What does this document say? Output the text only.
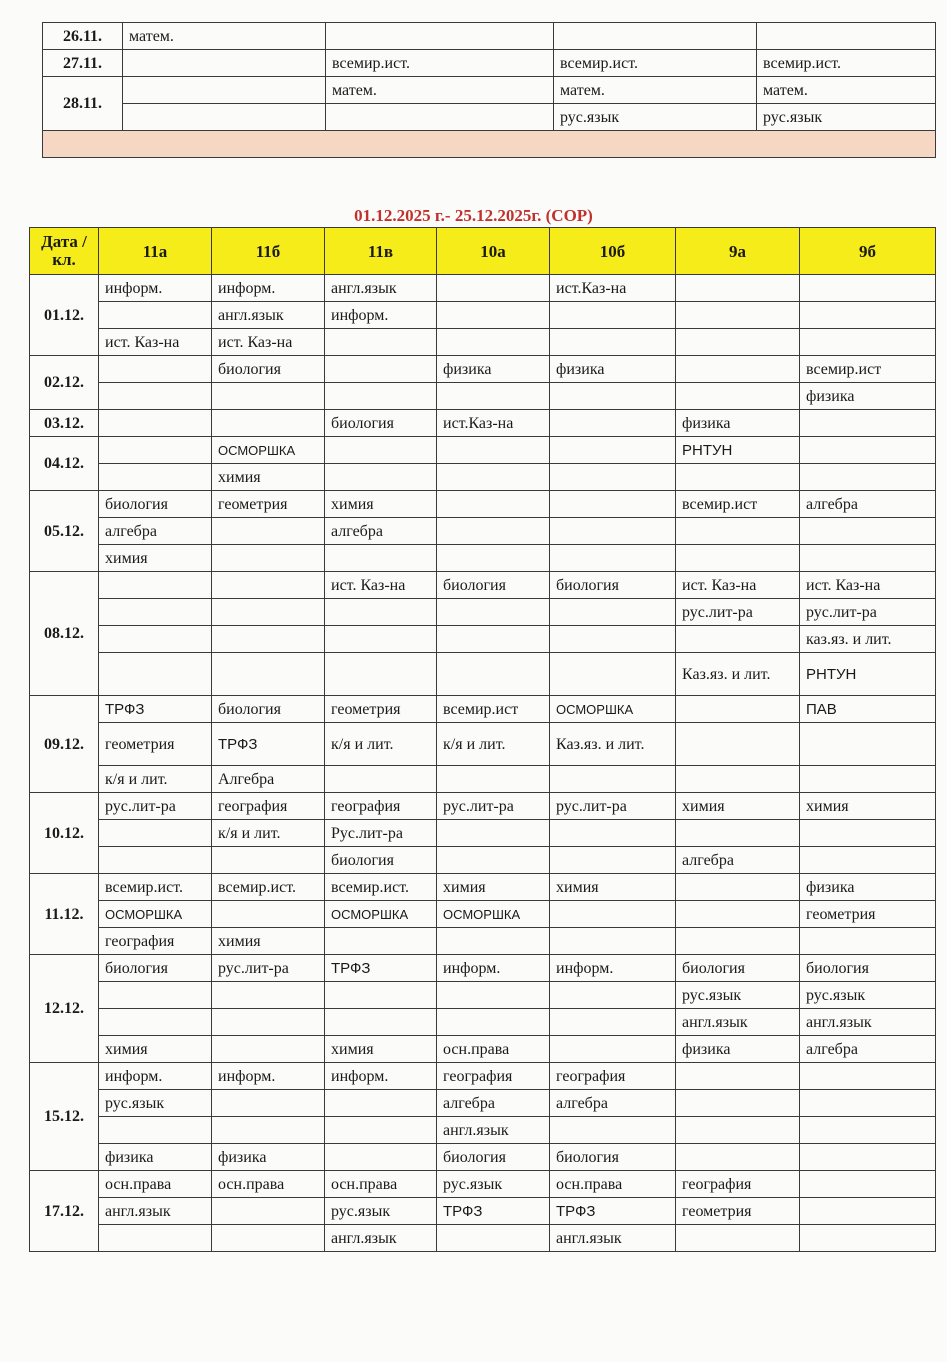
26.11.	матем.			
27.11.		всемир.ист.	всемир.ист.	всемир.ист.
28.11.		матем.	матем.	матем.
			рус.язык	рус.язык

01.12.2025 г.- 25.12.2025г. (СОР)
Дата /кл.	11а	11б	11в	10а	10б	9а	9б
01.12.	информ.	информ.	англ.язык		ист.Каз-на		
		англ.язык	информ.				
	ист. Каз-на	ист. Каз-на					
02.12.		биология		физика	физика		всемир.ист
							физика
03.12.			биология	ист.Каз-на		физика	
04.12.		ОСМОРШКА				РНТУН	
		химия					
05.12.	биология	геометрия	химия			всемир.ист	алгебра
	алгебра		алгебра				
	химия						
08.12.			ист. Каз-на	биология	биология	ист. Каз-на	ист. Каз-на
						рус.лит-ра	рус.лит-ра
							каз.яз. и лит.
						Каз.яз. и лит.	РНТУН
09.12.	ТРФЗ	биология	геометрия	всемир.ист	ОСМОРШКА		ПАВ
	геометрия	ТРФЗ	к/я и лит.	к/я и лит.	Каз.яз. и лит.		
	к/я и лит.	Алгебра					
10.12.	рус.лит-ра	география	география	рус.лит-ра	рус.лит-ра	химия	химия
		к/я и лит.	Рус.лит-ра				
			биология			алгебра	
11.12.	всемир.ист.	всемир.ист.	всемир.ист.	химия	химия		физика
	ОСМОРШКА		ОСМОРШКА	ОСМОРШКА			геометрия
	география	химия					
12.12.	биология	рус.лит-ра	ТРФЗ	информ.	информ.	биология	биология
						рус.язык	рус.язык
						англ.язык	англ.язык
	химия		химия	осн.права		физика	алгебра
15.12.	информ.	информ.	информ.	география	география		
	рус.язык			алгебра	алгебра		
				англ.язык			
	физика	физика		биология	биология		
17.12.	осн.права	осн.права	осн.права	рус.язык	осн.права	география	
	англ.язык		рус.язык	ТРФЗ	ТРФЗ	геометрия	
			англ.язык		англ.язык		
